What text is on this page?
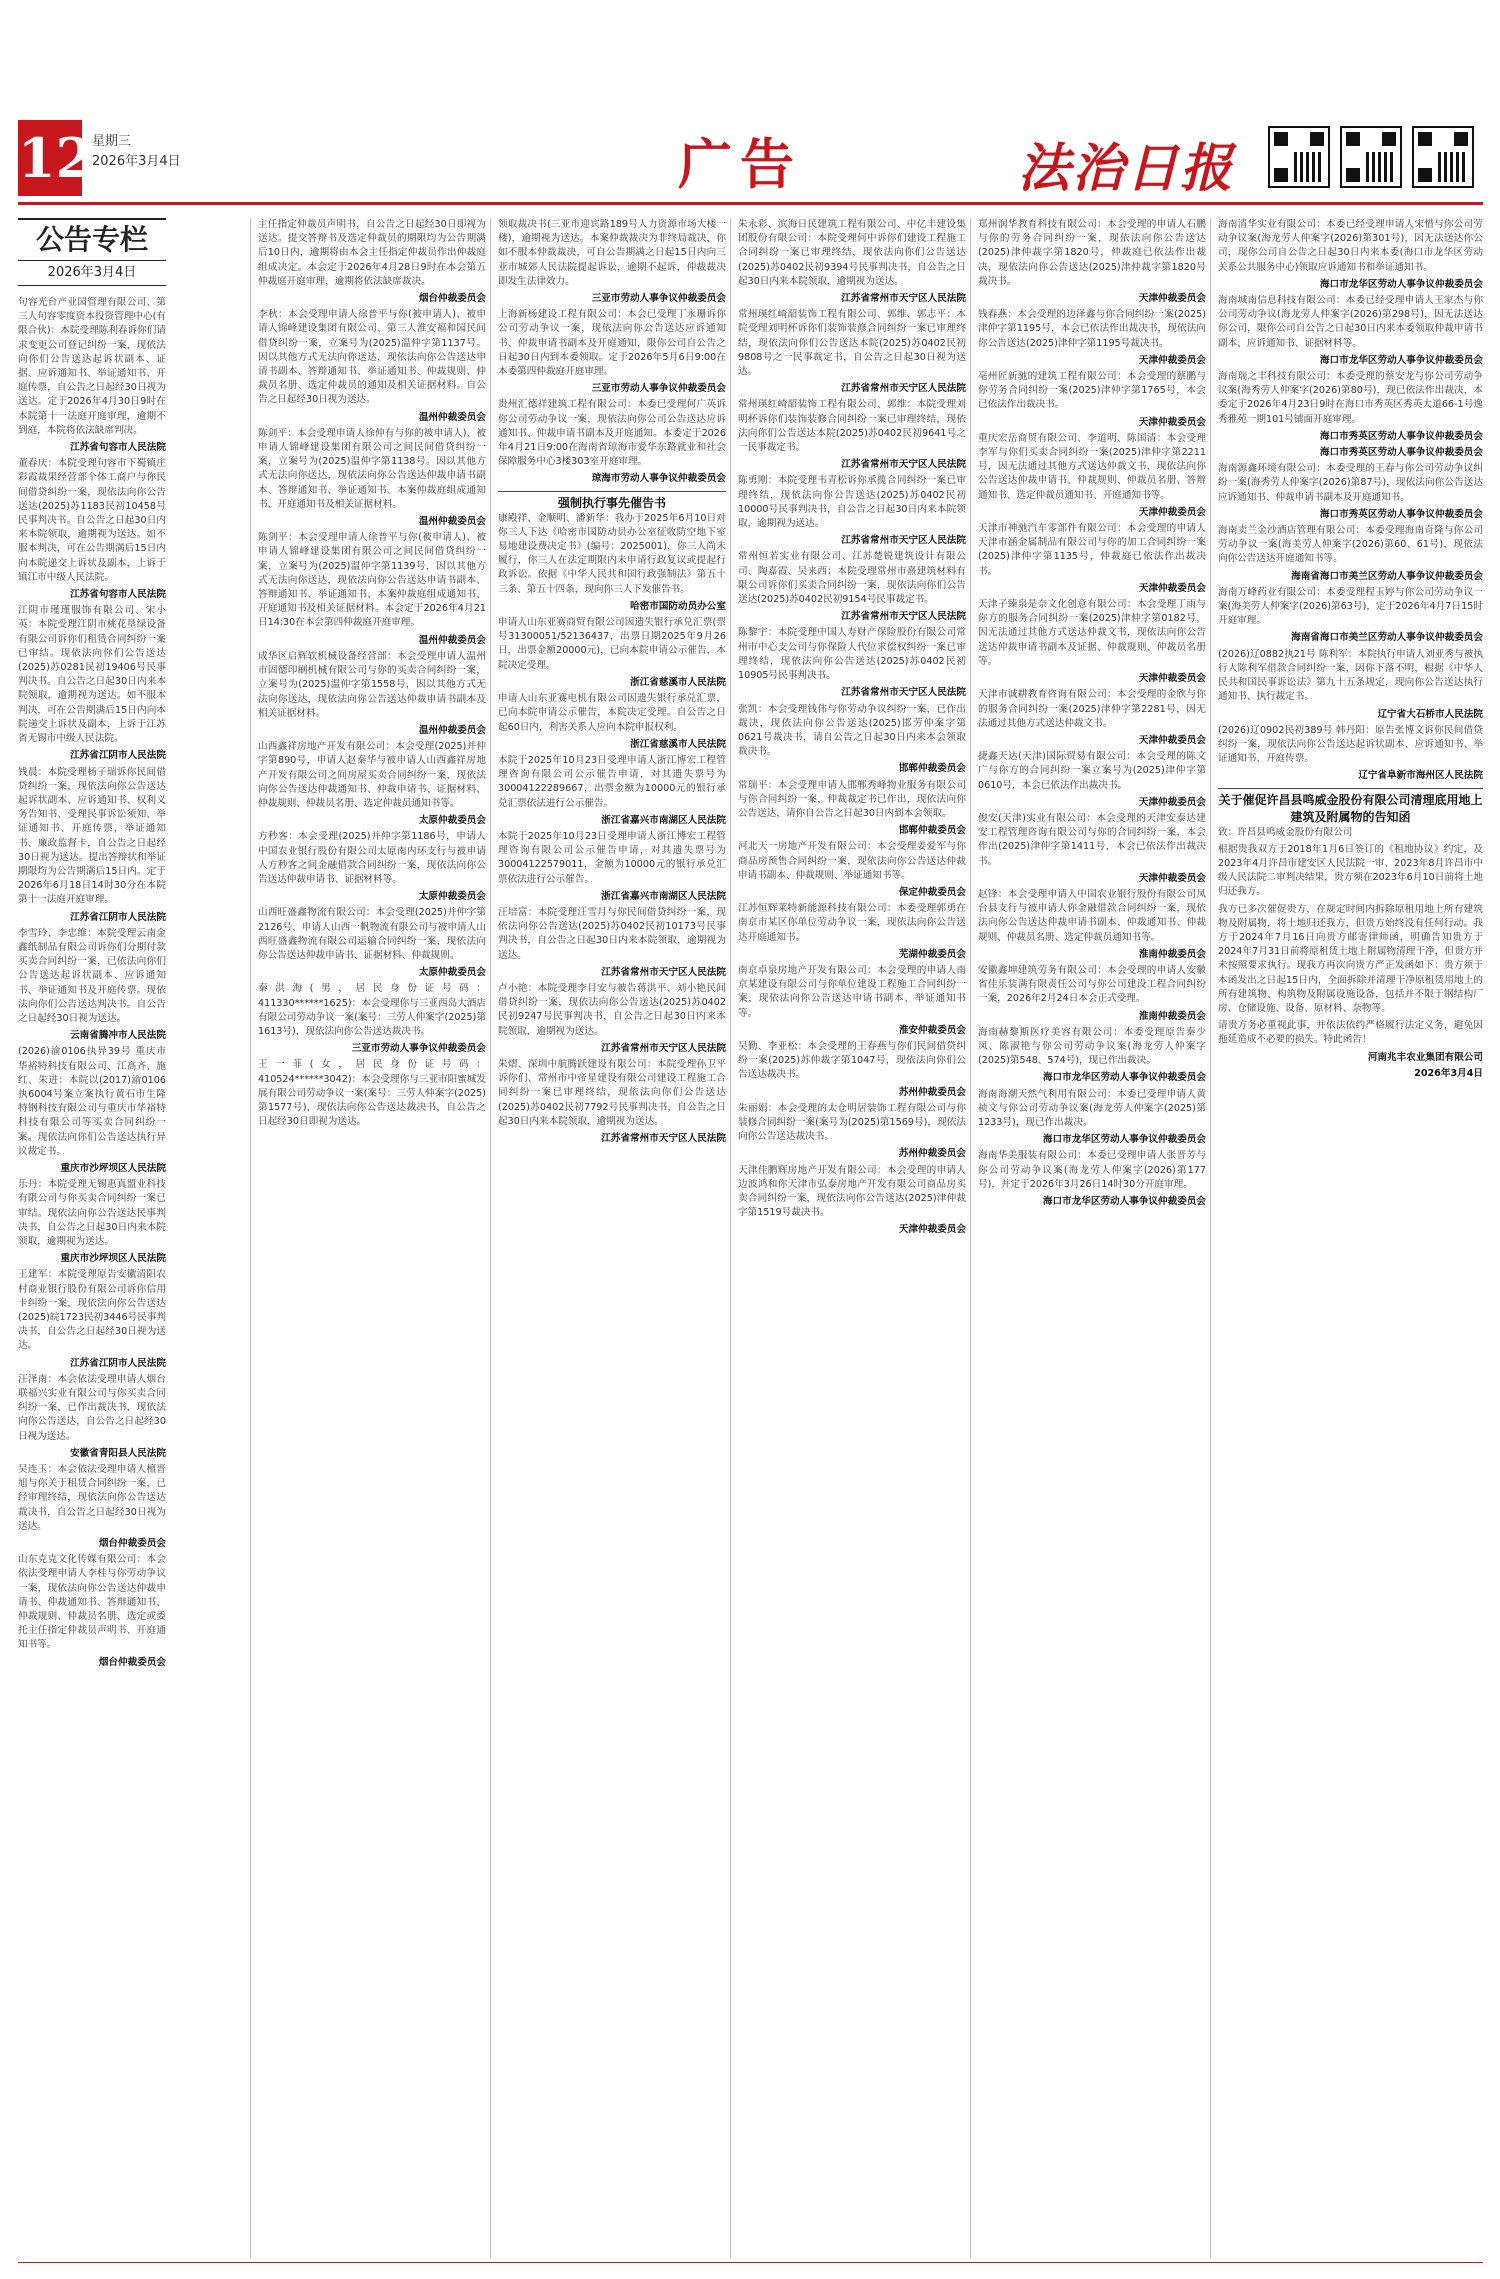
12
星期三
2026年3月4日	广告	法治日报
公告专栏
2026年3月4日
句容光台产业园管理有限公司、第三人句容零度资本投资管理中心(有限合伙)：本院受理陈利春诉你们请求变更公司登记纠纷一案，现依法向你们公告送达起诉状副本、证据、应诉通知书、举证通知书、开庭传票，自公告之日起经30日视为送达。定于2026年4月30日9时在本院第十一法庭开庭审理，逾期不到庭，本院将依法缺席判决。
江苏省句容市人民法院
董春庆：本院受理句容市下蜀镇庄彩霞裁果经营部个体工商户与你民间借贷纠纷一案，现依法向你公告送达(2025)苏1183民初10458号民事判决书。自公告之日起30日内来本院领取，逾期视为送达。如不服本判决，可在公告期满后15日内向本院递交上诉状及副本，上诉于镇江市中级人民法院。
江苏省句容市人民法院
江阴市瑾瑾服饰有限公司、宋小英：本院受理江阴市桃花垦绿设备有限公司诉你们租赁合同纠纷一案已审结。现依法向你们公告送达(2025)苏0281民初19406号民事判决书。自公告之日起30日内来本院领取，逾期视为送达。如不服本判决，可在公告期满后15日内向本院递交上诉状及副本，上诉于江苏省无锡市中级人民法院。
江苏省江阴市人民法院
钱晨：本院受理杨子瑞诉你民间借贷纠纷一案，现依法向你公告送达起诉状副本、应诉通知书、权利义务告知书、受理民事诉讼须知、举证通知书、开庭传票，举证通知书、廉政监督卡，自公告之日起经30日视为送达。提出答辩状和举证期限均为公告期满后15日内。定于2026年6月18日14时30分在本院第十一法庭开庭审理。
江苏省江阴市人民法院
李雪玲、李忠维：本院受理云南金鑫纸制品有限公司诉你们分期付款买卖合同纠纷一案，已依法向你们公告送达起诉状副本、应诉通知书、举证通知书及开庭传票。现依法向你们公告送达判决书。自公告之日起经30日视为送达。
云南省腾冲市人民法院
(2026)渝0106执异39号 重庆市华裕特科技有限公司、江高齐、施红、朱进：本院以(2017)渝0106执6004号案立案执行黄石市生隆特钢科技有限公司与重庆市华裕特科技有限公司等买卖合同纠纷一案。现依法向你们公告送达执行异议裁定书。
重庆市沙坪坝区人民法院
乐丹：本院受理无锡惠真盟业科技有限公司与你买卖合同纠纷一案已审结。现依法向你公告送达民事判决书，自公告之日起30日内来本院领取，逾期视为送达。
重庆市沙坪坝区人民法院
王建军：本院受理原告安徽清阳农村商业银行股份有限公司诉你信用卡纠纷一案，现依法向你公告送达(2025)皖1723民初3446号民事判决书，自公告之日起经30日视为送达。
江苏省江阴市人民法院
汪泽南：本会依法受理申请人烟台联福兴实业有限公司与你买卖合同纠纷一案，已作出裁决书，现依法向你公告送达，自公告之日起经30日视为送达。
安徽省青阳县人民法院
吴连玉：本会依法受理申请人檀晋旭与你关于租赁合同纠纷一案，已经审理终结，现依法向你公告送达裁决书，自公告之日起经30日视为送达。
烟台仲裁委员会
山东克克文化传媒有限公司：本会依法受理申请人李桂与你劳动争议一案，现依法向你公告送达仲裁申请书、仲裁通知书、答辩通知书、仲裁规则、仲裁员名册、选定或委托主任指定仲裁员声明书、开庭通知书等。
烟台仲裁委员会
主任指定仲裁员声明书，自公告之日起经30日即视为送达。提交答辩书及选定仲裁员的期限均为公告期满后10日内，逾期将由本会主任指定仲裁员作出仲裁庭组成决定。本会定于2026年4月28日9时在本会第五仲裁庭开庭审理，逾期将依法缺席裁决。
烟台仲裁委员会
李秋：本会受理申请人徐普平与你(被申请人)、被申请人锦峰建设集团有限公司、第三人淮安福和园民间借贷纠纷一案，立案号为(2025)温仲字第1137号。因以其他方式无法向你送达，现依法向你公告送达申请书副本、答辩通知书、举证通知书、仲裁规则、仲裁员名册、选定仲裁员的通知及相关证据材料。自公告之日起经30日视为送达。
温州仲裁委员会
陈剑平：本会受理申请人徐仲有与你的被申请人)、被申请人锦峰建设集团有限公司之间民间借贷纠纷一案，立案号为(2025)温仲字第1138号。因以其他方式无法向你送达，现依法向你公告送达仲裁申请书副本、答辩通知书、举证通知书、本案仲裁庭组成通知书、开庭通知书及相关证据材料。
温州仲裁委员会
陈剑平：本会受理申请人徐普平与你(被申请人)、被申请人锦峰建设集团有限公司之间民间借贷纠纷一案，立案号为(2025)温仲字第1139号，因以其他方式无法向你送达，现依法向你公告送达申请书副本、答辩通知书、举证通知书、本案仲裁庭组成通知书、开庭通知书及相关证据材料。本会定于2026年4月21日14:30在本会第四仲裁庭开庭审理。
温州仲裁委员会
成华区启辉软机械设备经营部：本会受理申请人温州市固德印刷机械有限公司与你的买卖合同纠纷一案，立案号为(2025)温仲字第1558号，因以其他方式无法向你送达，现依法向你公告送达仲裁申请书副本及相关证据材料。
温州仲裁委员会
山西鑫祥房地产开发有限公司：本会受理(2025)并仲字第890号，申请人赵秦华与被申请人山西鑫祥房地产开发有限公司之间房屋买卖合同纠纷一案，现依法向你公告送达仲裁通知书、仲裁申请书、证据材料、仲裁规则、仲裁员名册、选定仲裁员通知书等。
太原仲裁委员会
方秒客：本会受理(2025)并仲字第1186号，申请人中国农业银行股份有限公司太原南内环支行与被申请人方秒客之间金融借款合同纠纷一案，现依法向你公告送达仲裁申请书、证据材料等。
太原仲裁委员会
山西旺盛鑫物流有限公司：本会受理(2025)并仲字第2126号，申请人山西一帆物流有限公司与被申请人山西旺盛鑫物流有限公司运输合同纠纷一案，现依法向你公告送达仲裁申请书、证据材料、仲裁规则。
太原仲裁委员会
秦洪海(男，居民身份证号码：411330******1625)：本会受理你与三亚西岛大酒店有限公司劳动争议一案(案号：三劳人仲案字(2025)第1613号)，现依法向你公告送达裁决书。
三亚市劳动人事争议仲裁委员会
王一菲(女，居民身份证号码：410524******3042)：本会受理你与三亚市阳蜜城发展有限公司劳动争议一案(案号：三劳人仲案字(2025)第1577号)，现依法向你公告送达裁决书，自公告之日起经30日即视为送达。
领取裁决书(三亚市迎宾路189号人力资源市场大楼一楼)，逾期视为送达。本案仲裁裁决为非终局裁决，你如不服本仲裁裁决，可自公告期满之日起15日内向三亚市城郊人民法院提起诉讼，逾期不起诉，仲裁裁决即发生法律效力。
三亚市劳动人事争议仲裁委员会
上海新杨建设工程有限公司：本会已受理丁永珊诉你公司劳动争议一案，现依法向你公告送达应诉通知书、仲裁申请书副本及开庭通知，限你公司自公告之日起30日内到本委领取。定于2026年5月6日9:00在本委第四仲裁庭开庭审理。
三亚市劳动人事争议仲裁委员会
贵州汇德祥建筑工程有限公司：本委已受理何广英诉你公司劳动争议一案，现依法向你公司公告送达应诉通知书、仲裁申请书副本及开庭通知。本委定于2026年4月21日9:00在海南省琼海市爱华东路就业和社会保障服务中心3楼303室开庭审理。
琼海市劳动人事争议仲裁委员会
强制执行事先催告书
康殿祥、金顺明、潘新华：我办于2025年6月10日对你三人下达《哈密市国防动员办公室征收防空地下室易地建设费决定书》(编号：2025001)，你三人尚未履行，你三人在法定期限内未申请行政复议或提起行政诉讼。依据《中华人民共和国行政强制法》第五十三条、第五十四条，现向你三人下发催告书。
哈密市国防动员办公室
申请人山东亚赛商贸有限公司因遗失银行承兑汇票(票号31300051/52136437，出票日期2025年9月26日，出票金额20000元)，已向本院申请公示催告，本院决定受理。
浙江省慈溪市人民法院
申请人山东亚赛电机有限公司因遗失银行承兑汇票，已向本院申请公示催告，本院决定受理。自公告之日起60日内，利害关系人应向本院申报权利。
浙江省慈溪市人民法院
本院于2025年10月23日受理申请人浙江博宏工程管理咨询有限公司公示催告申请，对其遗失票号为30004122289667，出票金额为10000元的银行承兑汇票依法进行公示催告。
浙江省嘉兴市南湖区人民法院
本院于2025年10月23日受理申请人浙江博宏工程管理咨询有限公司公示催告申请，对其遗失票号为30004122579011，金额为10000元的银行承兑汇票依法进行公示催告。
浙江省嘉兴市南湖区人民法院
汪培富：本院受理汪雪月与你民间借贷纠纷一案，现依法向你公告送达(2025)苏0402民初10173号民事判决书，自公告之日起30日内来本院领取，逾期视为送达。
江苏省常州市天宁区人民法院
卢小艳：本院受理李目安与被告蒋洪平、刘小艳民间借贷纠纷一案，现依法向你公告送达(2025)苏0402民初9247号民事判决书，自公告之日起30日内来本院领取，逾期视为送达。
江苏省常州市天宁区人民法院
朱熠、深圳中航腾跃建设有限公司：本院受理孙卫平诉你们、常州市中帝星建设有限公司建设工程施工合同纠纷一案已审理终结，现依法向你们公告送达(2025)苏0402民初7792号民事判决书，自公告之日起30日内来本院领取，逾期视为送达。
江苏省常州市天宁区人民法院
朱永彩、滨海日民建筑工程有限公司、中亿丰建设集团股份有限公司：本院受理何中诉你们建设工程施工合同纠纷一案已审理终结，现依法向你们公告送达(2025)苏0402民初9394号民事判决书，自公告之日起30日内来本院领取，逾期视为送达。
江苏省常州市天宁区人民法院
常州瑛红崎韶装饰工程有限公司、郭维、郭志平：本院受理刘明杯诉你们装饰装修合同纠纷一案已审理终结，现依法向你们公告送达本院(2025)苏0402民初9808号之一民事裁定书，自公告之日起30日视为送达。
江苏省常州市天宁区人民法院
常州瑛红崎韶装饰工程有限公司、郭维：本院受理刘明杯诉你们装饰装修合同纠纷一案已审理终结，现依法向你们公告送达本院(2025)苏0402民初9641号之一民事裁定书。
江苏省常州市天宁区人民法院
陈勇刚：本院受理韦青松诉你承揽合同纠纷一案已审理终结，现依法向你公告送达(2025)苏0402民初10000号民事判决书，自公告之日起30日内来本院领取，逾期视为送达。
江苏省常州市天宁区人民法院
常州恒若实业有限公司、江苏楚锐建筑设计有限公司、陶嘉霞、吴来西：本院受理常州市熹建筑材料有限公司诉你们买卖合同纠纷一案，现依法向你们公告送达(2025)苏0402民初9154号民事裁定书。
江苏省常州市天宁区人民法院
陈黎宇：本院受理中国人寿财产保险股份有限公司常州市中心支公司与你保险人代位求偿权纠纷一案已审理终结，现依法向你公告送达(2025)苏0402民初10905号民事判决书。
江苏省常州市天宁区人民法院
张凯：本会受理钱伟与你劳动争议纠纷一案，已作出裁决，现依法向你公告送达(2025)邯劳仲案字第0621号裁决书，请自公告之日起30日内来本会领取裁决书。
邯郸仲裁委员会
常瑞平：本会受理申请人邯郸秀峰物业服务有限公司与你合同纠纷一案，仲裁裁定书已作出，现依法向你公告送达，请你自公告之日起30日内到本会领取。
邯郸仲裁委员会
河北天一房地产开发有限公司：本会受理姜爱军与你商品房预售合同纠纷一案，现依法向你公告送达仲裁申请书副本、仲裁规则、举证通知书等。
保定仲裁委员会
江苏恒辉莱特新能源科技有限公司：本委受理郭勇在南京市某区你单位劳动争议一案，现依法向你公告送达开庭通知书。
芜湖仲裁委员会
南京卓泉房地产开发有限公司：本会受理的申请人南京某建设有限公司与你单位建设工程施工合同纠纷一案，现依法向你公告送达申请书副本、举证通知书等。
淮安仲裁委员会
吴勤、李亚松：本会受理的王春燕与你们民间借贷纠纷一案(2025)苏仲裁字第1047号，现依法向你们公告送达裁决书。
苏州仲裁委员会
朱丽娟：本会受理的太仓明居装饰工程有限公司与你装修合同纠纷一案(案号为(2025)第1569号)，现依法向你公告送达裁决书。
苏州仲裁委员会
天津佳鹏辉房地产开发有限公司：本会受理的申请人边波鸿和你天津市弘泰房地产开发有限公司商品房买卖合同纠纷一案，现依法向你公告送达(2025)津仲裁字第1519号裁决书。
天津仲裁委员会
郑州润华教育科技有限公司：本会受理的申请人石鹏与你的劳务合同纠纷一案，现依法向你公告送达(2025)津仲裁字第1820号，仲裁庭已依法作出裁决，现依法向你公告送达(2025)津仲裁字第1820号裁决书。
天津仲裁委员会
钱春燕：本会受理的边泽鑫与你合同纠纷一案(2025)津仲字第1195号，本会已依法作出裁决书，现依法向你公告送达(2025)津仲字第1195号裁决书。
天津仲裁委员会
亳州匠新驰的建筑工程有限公司：本会受理的蔡鹏与你劳务合同纠纷一案(2025)津仲字第1765号，本会已依法作出裁决书。
天津仲裁委员会
重庆宏岳商贸有限公司、李道明、陈国清：本会受理李军与你们买卖合同纠纷一案(2025)津仲字第2211号，因无法通过其他方式送达仲裁文书，现依法向你公告送达仲裁申请书、仲裁规则、仲裁员名册、答辩通知书、选定仲裁员通知书、开庭通知书等。
天津仲裁委员会
天津市神驰汽车零部件有限公司：本会受理的申请人天津市涵金属制品有限公司与你的加工合同纠纷一案(2025)津仲字第1135号，仲裁庭已依法作出裁决书。
天津仲裁委员会
天津子臻泉是奈文化创意有限公司：本会受理丁雨与你方的服务合同纠纷一案(2025)津仲字第0182号，因无法通过其他方式送达仲裁文书，现依法向你公告送达仲裁申请书副本及证据、仲裁规则、仲裁员名册等。
天津仲裁委员会
天津市诚耕教育咨询有限公司：本会受理的金欣与你的服务合同纠纷一案(2025)津仲字第2281号，因无法通过其他方式送达仲裁文书。
天津仲裁委员会
捷鑫天达(天津)国际贸易有限公司：本会受理的陈文广与你方的合同纠纷一案立案号为(2025)津仲字第0610号，本会已依法作出裁决书。
天津仲裁委员会
俊安(天津)实业有限公司：本会受理的天津安泰达建安工程管理咨询有限公司与你的合同纠纷一案，本会作出(2025)津仲字第1411号，本会已依法作出裁决书。
天津仲裁委员会
赵锋：本会受理申请人中国农业银行股份有限公司凤台县支行与被申请人你金融借款合同纠纷一案，现依法向你公告送达仲裁申请书副本、仲裁通知书、仲裁规则、仲裁员名册、选定仲裁员通知书等。
淮南仲裁委员会
安徽鑫坤建筑劳务有限公司：本会受理的申请人安徽省佳乐装满有限责任公司与你公司建设工程合同纠纷一案，2026年2月24日本会正式受理。
淮南仲裁委员会
海南赫黎斯医疗美容有限公司：本委受理原告秦少凤、陈淑艳与你公司劳动争议案(海龙劳人仲案字(2025)第548、574号)，现已作出裁决。
海口市龙华区劳动人事争议仲裁委员会
海南海潮天然气利用有限公司：本委已受理申请人黄祯文与你公司劳动争议案(海龙劳人仲案字(2025)第1233号)，现已作出裁决。
海口市龙华区劳动人事争议仲裁委员会
海南华美服装有限公司：本委已受理申请人张晋芳与你公司劳动争议案(海龙劳人仲案字(2026)第177号)，并定于2026年3月26日14时30分开庭审理。
海口市龙华区劳动人事争议仲裁委员会
海南清华实业有限公司：本委已经受理申请人宋惜与你公司劳动争议案(海龙劳人仲案字(2026)第301号)，因无法送达你公司，现你公司自公告之日起30日内来本委(海口市龙华区劳动关系公共服务中心)领取应诉通知书和举证通知书。
海口市龙华区劳动人事争议仲裁委员会
海南城南信息科技有限公司：本委已经受理申请人王家杰与你公司劳动争议(海龙劳人仲案字(2026)第298号)，因无法送达你公司，限你公司自公告之日起30日内来本委领取仲裁申请书副本、应诉通知书、证据材料等。
海口市龙华区劳动人事争议仲裁委员会
海南瑞之丰科技有限公司：本委受理的蔡安龙与你公司劳动争议案(海秀劳人仲案字(2026)第80号)，现已依法作出裁决，本委定于2026年4月23日9时在海口市秀英区秀英大道66-1号逸秀雅苑一期101号铺面开庭审理。
海口市秀英区劳动人事争议仲裁委员会
海口市秀英区劳动人事争议仲裁委员会
海南源鑫环境有限公司：本委受理的王春与你公司劳动争议纠纷一案(海秀劳人仲案字(2026)第87号)，现依法向你公告送达应诉通知书、仲裁申请书副本及开庭通知书。
海口市秀英区劳动人事争议仲裁委员会
海南卖兰金沙酒店管理有限公司：本委受理海南奇隆与你公司劳动争议一案(海美劳人仲案字(2026)第60、61号)，现依法向你公告送达开庭通知书等。
海南省海口市美兰区劳动人事争议仲裁委员会
海南万峰药业有限公司：本委受理程玉婷与你公司劳动争议一案(海美劳人仲案字(2026)第63号)，定于2026年4月7日15时开庭审理。
海南省海口市美兰区劳动人事争议仲裁委员会
(2026)辽0882执21号 陈利军：本院执行申请人刘亚秀与被执行人陈利军借款合同纠纷一案，因你下落不明，根据《中华人民共和国民事诉讼法》第九十五条规定，现向你公告送达执行通知书、执行裁定书。
辽宁省大石桥市人民法院
(2026)辽0902民初389号 韩丹阳：原告张博文诉你民间借贷纠纷一案，现依法向你公告送达起诉状副本、应诉通知书、举证通知书、开庭传票。
辽宁省阜新市海州区人民法院
关于催促许昌县鸣威金股份有限公司清理底用地上建筑及附属物的告知函
致：许昌县鸣威金股份有限公司
根据贵我双方于2018年1月6日签订的《租地协议》约定，及2023年4月许昌市建安区人民法院一审、2023年8月许昌市中级人民法院二审判决结果，贵方须在2023年6月10日前将土地归还我方。
我方已多次催促贵方，在规定时间内拆除原租用地上所有建筑物及附属物，将土地归还我方，但贵方始终没有任何行动。我方于2024年7月16日向贵方邮寄律师函，明确告知贵方于2024年7月31日前将原租赁土地上附属物清理干净，但贵方并未按照要求执行。现我方再次向贵方严正发函如下：贵方须于本函发出之日起15日内，全面拆除并清理干净原租赁用地上的所有建筑物、构筑物及附属设施设备，包括并不限于钢结构厂房、仓储设施、设备、原材料、杂物等。
请贵方务必重视此事，并依法依约严格履行法定义务，避免因拖延造成不必要的损失。特此函告！
河南兆丰农业集团有限公司
2026年3月4日
